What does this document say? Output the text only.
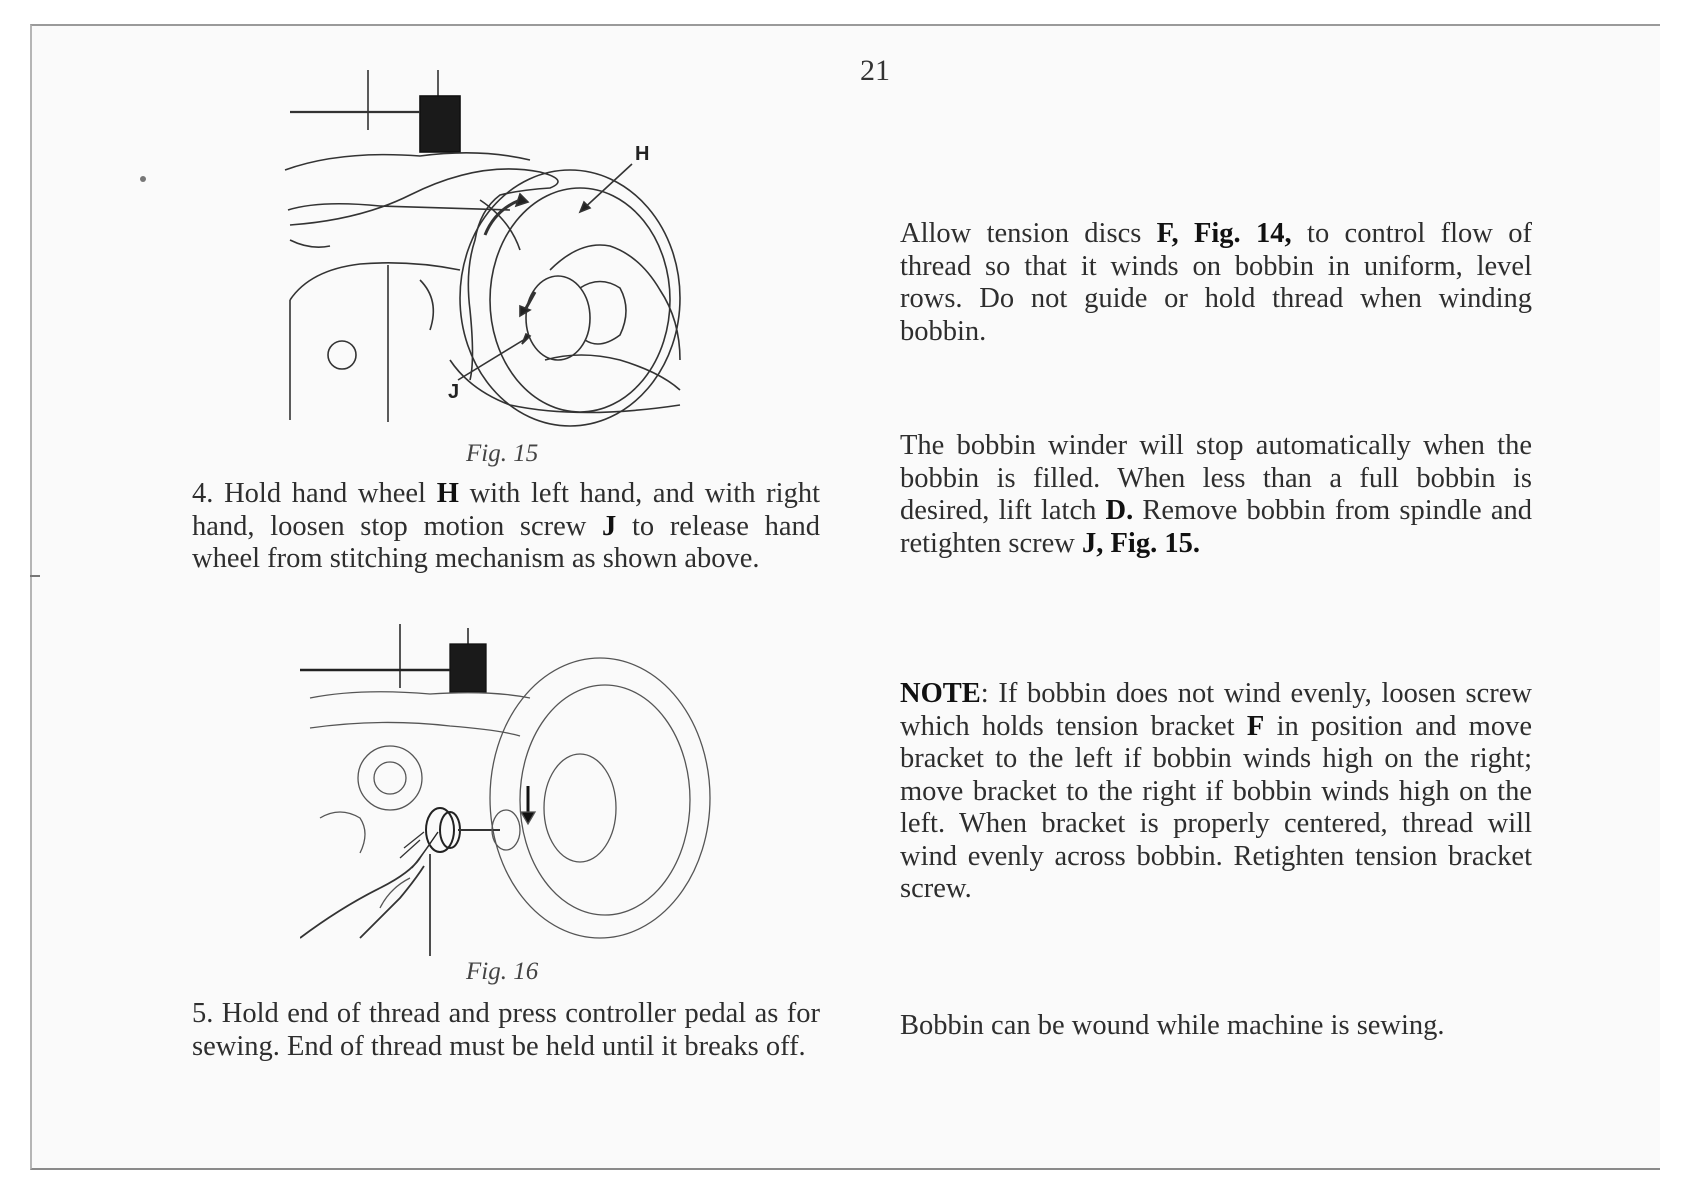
21
H
J
Fig. 15

4. Hold hand wheel H with left hand, and with right hand, loosen stop motion screw J to release hand wheel from stitching mechanism as shown above.

Fig. 16

5. Hold end of thread and press controller pedal as for sewing. End of thread must be held until it breaks off.

Allow tension discs F, Fig. 14, to control flow of thread so that it winds on bobbin in uniform, level rows. Do not guide or hold thread when winding bobbin.

The bobbin winder will stop automatically when the bobbin is filled. When less than a full bobbin is desired, lift latch D. Remove bobbin from spindle and retighten screw J, Fig. 15.

NOTE: If bobbin does not wind evenly, loosen screw which holds tension bracket F in position and move bracket to the left if bobbin winds high on the right; move bracket to the right if bobbin winds high on the left. When bracket is properly centered, thread will wind evenly across bobbin. Retighten tension bracket screw.

Bobbin can be wound while machine is sewing.
